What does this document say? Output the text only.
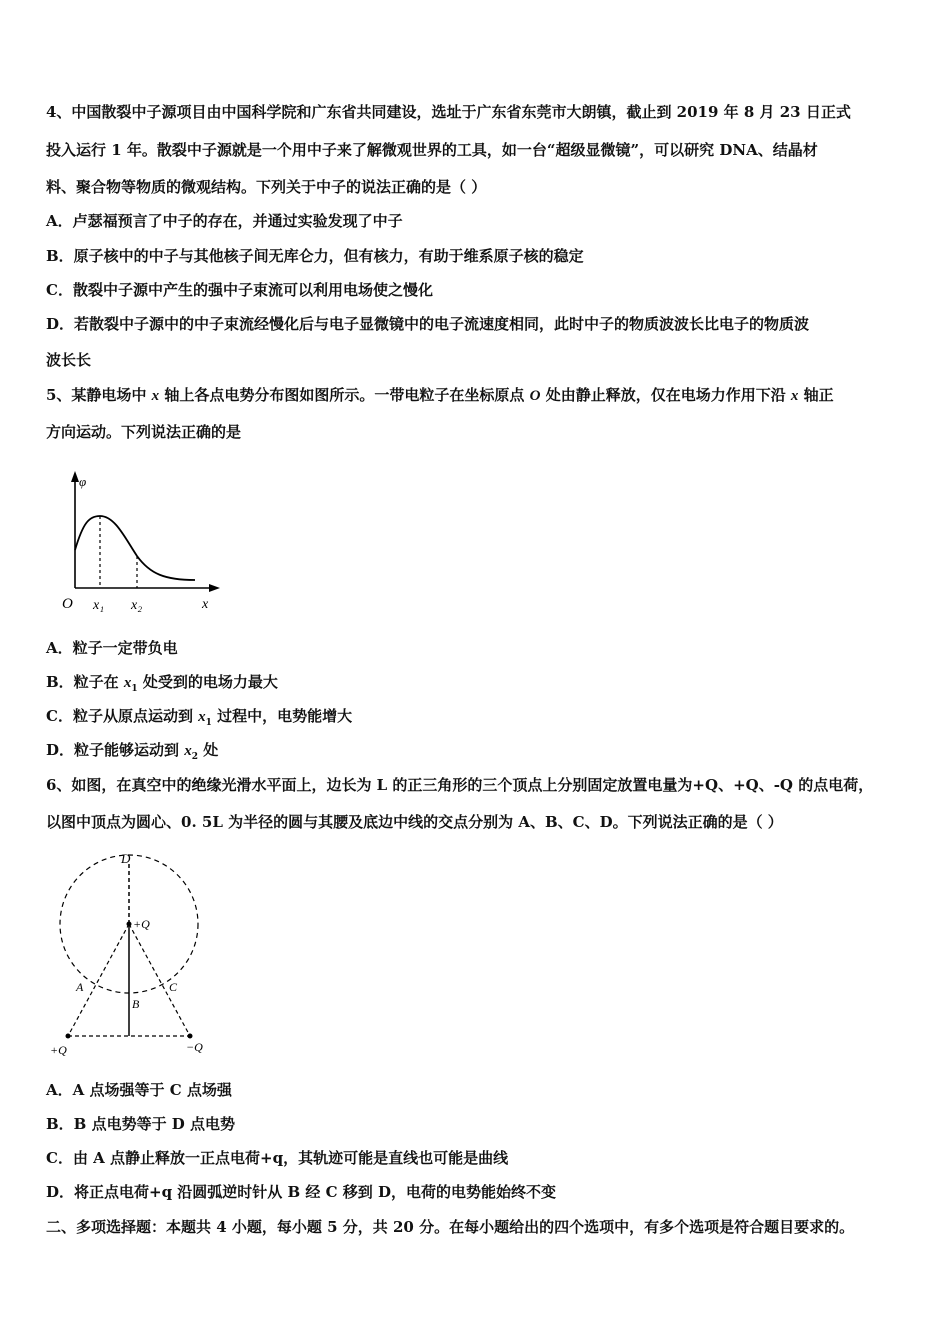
4、中国散裂中子源项目由中国科学院和广东省共同建设，选址于广东省东莞市大朗镇，截止到 2019 年 8 月 23 日正式
投入运行 1 年。散裂中子源就是一个用中子来了解微观世界的工具，如一台“超级显微镜”，可以研究 DNA、结晶材
料、聚合物等物质的微观结构。下列关于中子的说法正确的是（ ）
A．卢瑟福预言了中子的存在，并通过实验发现了中子
B．原子核中的中子与其他核子间无库仑力，但有核力，有助于维系原子核的稳定
C．散裂中子源中产生的强中子束流可以利用电场使之慢化
D．若散裂中子源中的中子束流经慢化后与电子显微镜中的电子流速度相同，此时中子的物质波波长比电子的物质波
波长长
5、某静电场中 x 轴上各点电势分布图如图所示。一带电粒子在坐标原点 O 处由静止释放，仅在电场力作用下沿 x 轴正
方向运动。下列说法正确的是
φ
O x₁ x₂	x
A．粒子一定带负电
B．粒子在 $x_1$ 处受到的电场力最大
C．粒子从原点运动到 $x_1$ 过程中，电势能增大
D．粒子能够运动到 $x_2$ 处
6、如图，在真空中的绝缘光滑水平面上，边长为 L 的正三角形的三个顶点上分别固定放置电量为+Q、+Q、-Q 的点电荷，
以图中顶点为圆心、0. 5L 为半径的圆与其腰及底边中线的交点分别为 A、B、C、D。下列说法正确的是（ ）
D
+Q
A
B
C
+Q	−Q
A．A 点场强等于 C 点场强
B．B 点电势等于 D 点电势
C．由 A 点静止释放一正点电荷+q，其轨迹可能是直线也可能是曲线
D．将正点电荷+q 沿圆弧逆时针从 B 经 C 移到 D，电荷的电势能始终不变
二、多项选择题：本题共 4 小题，每小题 5 分，共 20 分。在每小题给出的四个选项中，有多个选项是符合题目要求的。
